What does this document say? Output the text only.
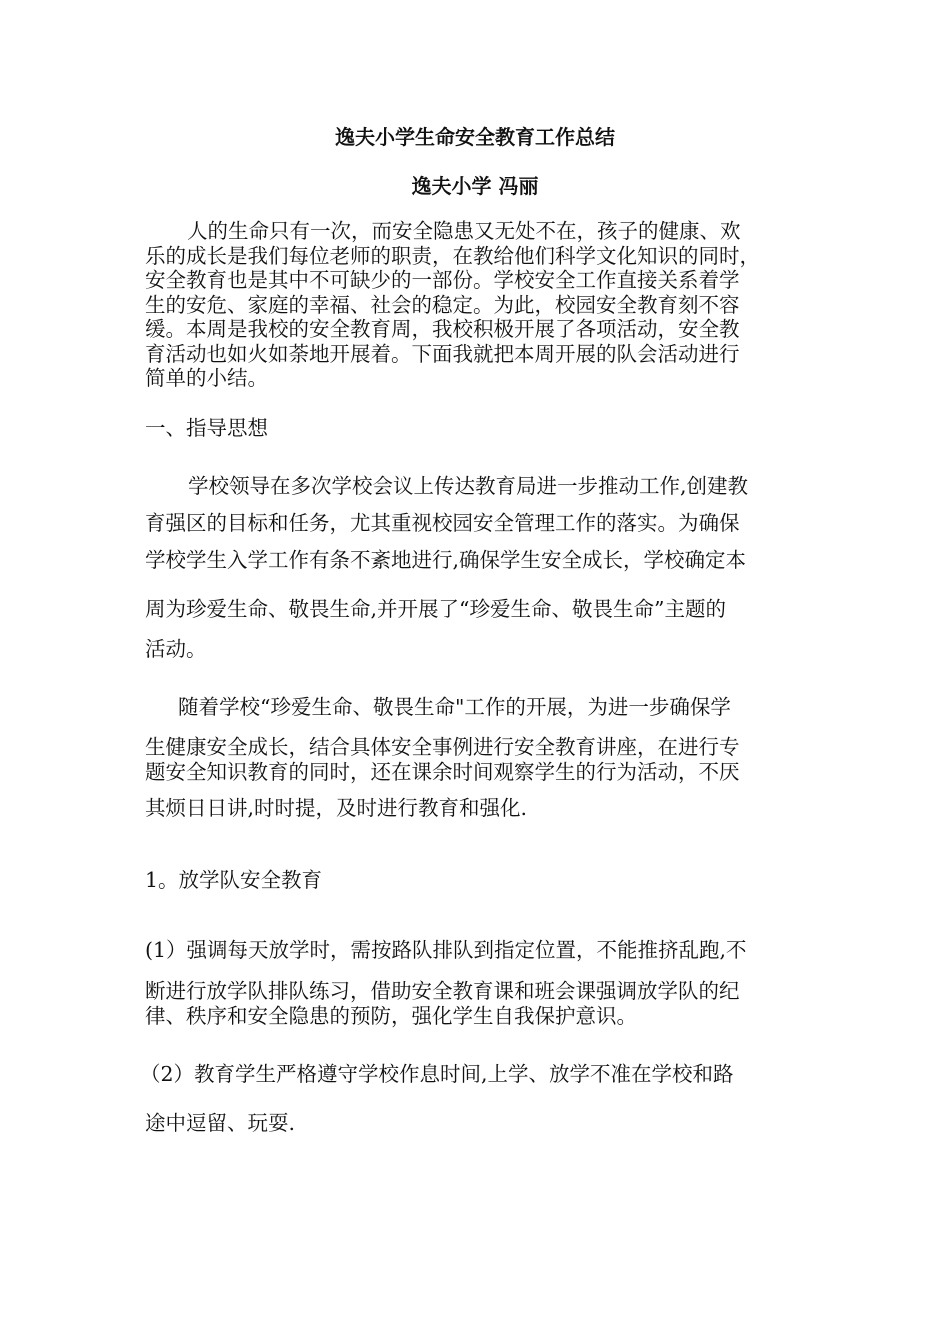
逸夫小学生命安全教育工作总结
逸夫小学 冯丽
人的生命只有一次，而安全隐患又无处不在，孩子的健康、欢
乐的成长是我们每位老师的职责，在教给他们科学文化知识的同时，
安全教育也是其中不可缺少的一部份。学校安全工作直接关系着学
生的安危、家庭的幸福、社会的稳定。为此，校园安全教育刻不容
缓。本周是我校的安全教育周，我校积极开展了各项活动，安全教
育活动也如火如荼地开展着。下面我就把本周开展的队会活动进行
简单的小结。
一、指导思想
学校领导在多次学校会议上传达教育局进一步推动工作,创建教
育强区的目标和任务，尤其重视校园安全管理工作的落实。为确保
学校学生入学工作有条不紊地进行,确保学生安全成长，学校确定本
周为珍爱生命、敬畏生命,并开展了“珍爱生命、敬畏生命”主题的
活动。
随着学校“珍爱生命、敬畏生命"工作的开展，为进一步确保学
生健康安全成长，结合具体安全事例进行安全教育讲座，在进行专
题安全知识教育的同时，还在课余时间观察学生的行为活动，不厌
其烦日日讲,时时提，及时进行教育和强化.
1。放学队安全教育
(1）强调每天放学时，需按路队排队到指定位置，不能推挤乱跑,不
断进行放学队排队练习，借助安全教育课和班会课强调放学队的纪
律、秩序和安全隐患的预防，强化学生自我保护意识。
（2）教育学生严格遵守学校作息时间,上学、放学不准在学校和路
途中逗留、玩耍.
